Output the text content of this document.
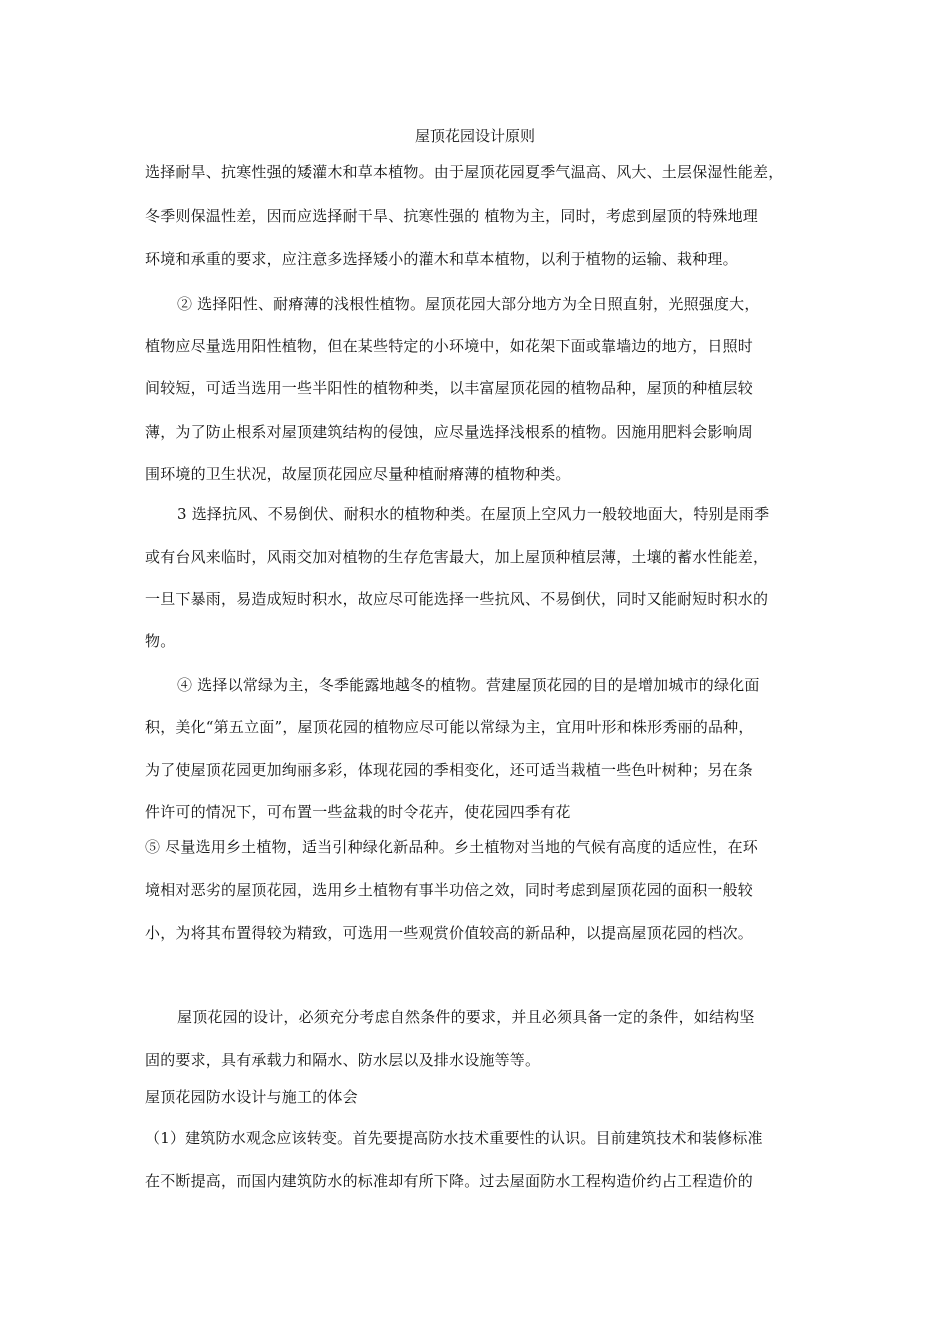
屋顶花园设计原则
选择耐旱、抗寒性强的矮灌木和草本植物。由于屋顶花园夏季气温高、风大、土层保湿性能差，
冬季则保温性差，因而应选择耐干旱、抗寒性强的 植物为主，同时，考虑到屋顶的特殊地理
环境和承重的要求，应注意多选择矮小的灌木和草本植物，以利于植物的运输、栽种理。
② 选择阳性、耐瘠薄的浅根性植物。屋顶花园大部分地方为全日照直射，光照强度大，
植物应尽量选用阳性植物，但在某些特定的小环境中，如花架下面或靠墙边的地方，日照时
间较短，可适当选用一些半阳性的植物种类，以丰富屋顶花园的植物品种，屋顶的种植层较
薄，为了防止根系对屋顶建筑结构的侵蚀，应尽量选择浅根系的植物。因施用肥料会影响周
围环境的卫生状况，故屋顶花园应尽量种植耐瘠薄的植物种类。
3 选择抗风、不易倒伏、耐积水的植物种类。在屋顶上空风力一般较地面大，特别是雨季
或有台风来临时，风雨交加对植物的生存危害最大，加上屋顶种植层薄，土壤的蓄水性能差，
一旦下暴雨，易造成短时积水，故应尽可能选择一些抗风、不易倒伏，同时又能耐短时积水的
物。
④ 选择以常绿为主，冬季能露地越冬的植物。营建屋顶花园的目的是增加城市的绿化面
积，美化“第五立面”，屋顶花园的植物应尽可能以常绿为主，宜用叶形和株形秀丽的品种，
为了使屋顶花园更加绚丽多彩，体现花园的季相变化，还可适当栽植一些色叶树种；另在条
件许可的情况下，可布置一些盆栽的时令花卉，使花园四季有花
⑤ 尽量选用乡土植物，适当引种绿化新品种。乡土植物对当地的气候有高度的适应性，在环
境相对恶劣的屋顶花园，选用乡土植物有事半功倍之效，同时考虑到屋顶花园的面积一般较
小，为将其布置得较为精致，可选用一些观赏价值较高的新品种，以提高屋顶花园的档次。
屋顶花园的设计，必须充分考虑自然条件的要求，并且必须具备一定的条件，如结构坚
固的要求，具有承载力和隔水、防水层以及排水设施等等。
屋顶花园防水设计与施工的体会
（1）建筑防水观念应该转变。首先要提高防水技术重要性的认识。目前建筑技术和装修标准
在不断提高，而国内建筑防水的标准却有所下降。过去屋面防水工程构造价约占工程造价的
